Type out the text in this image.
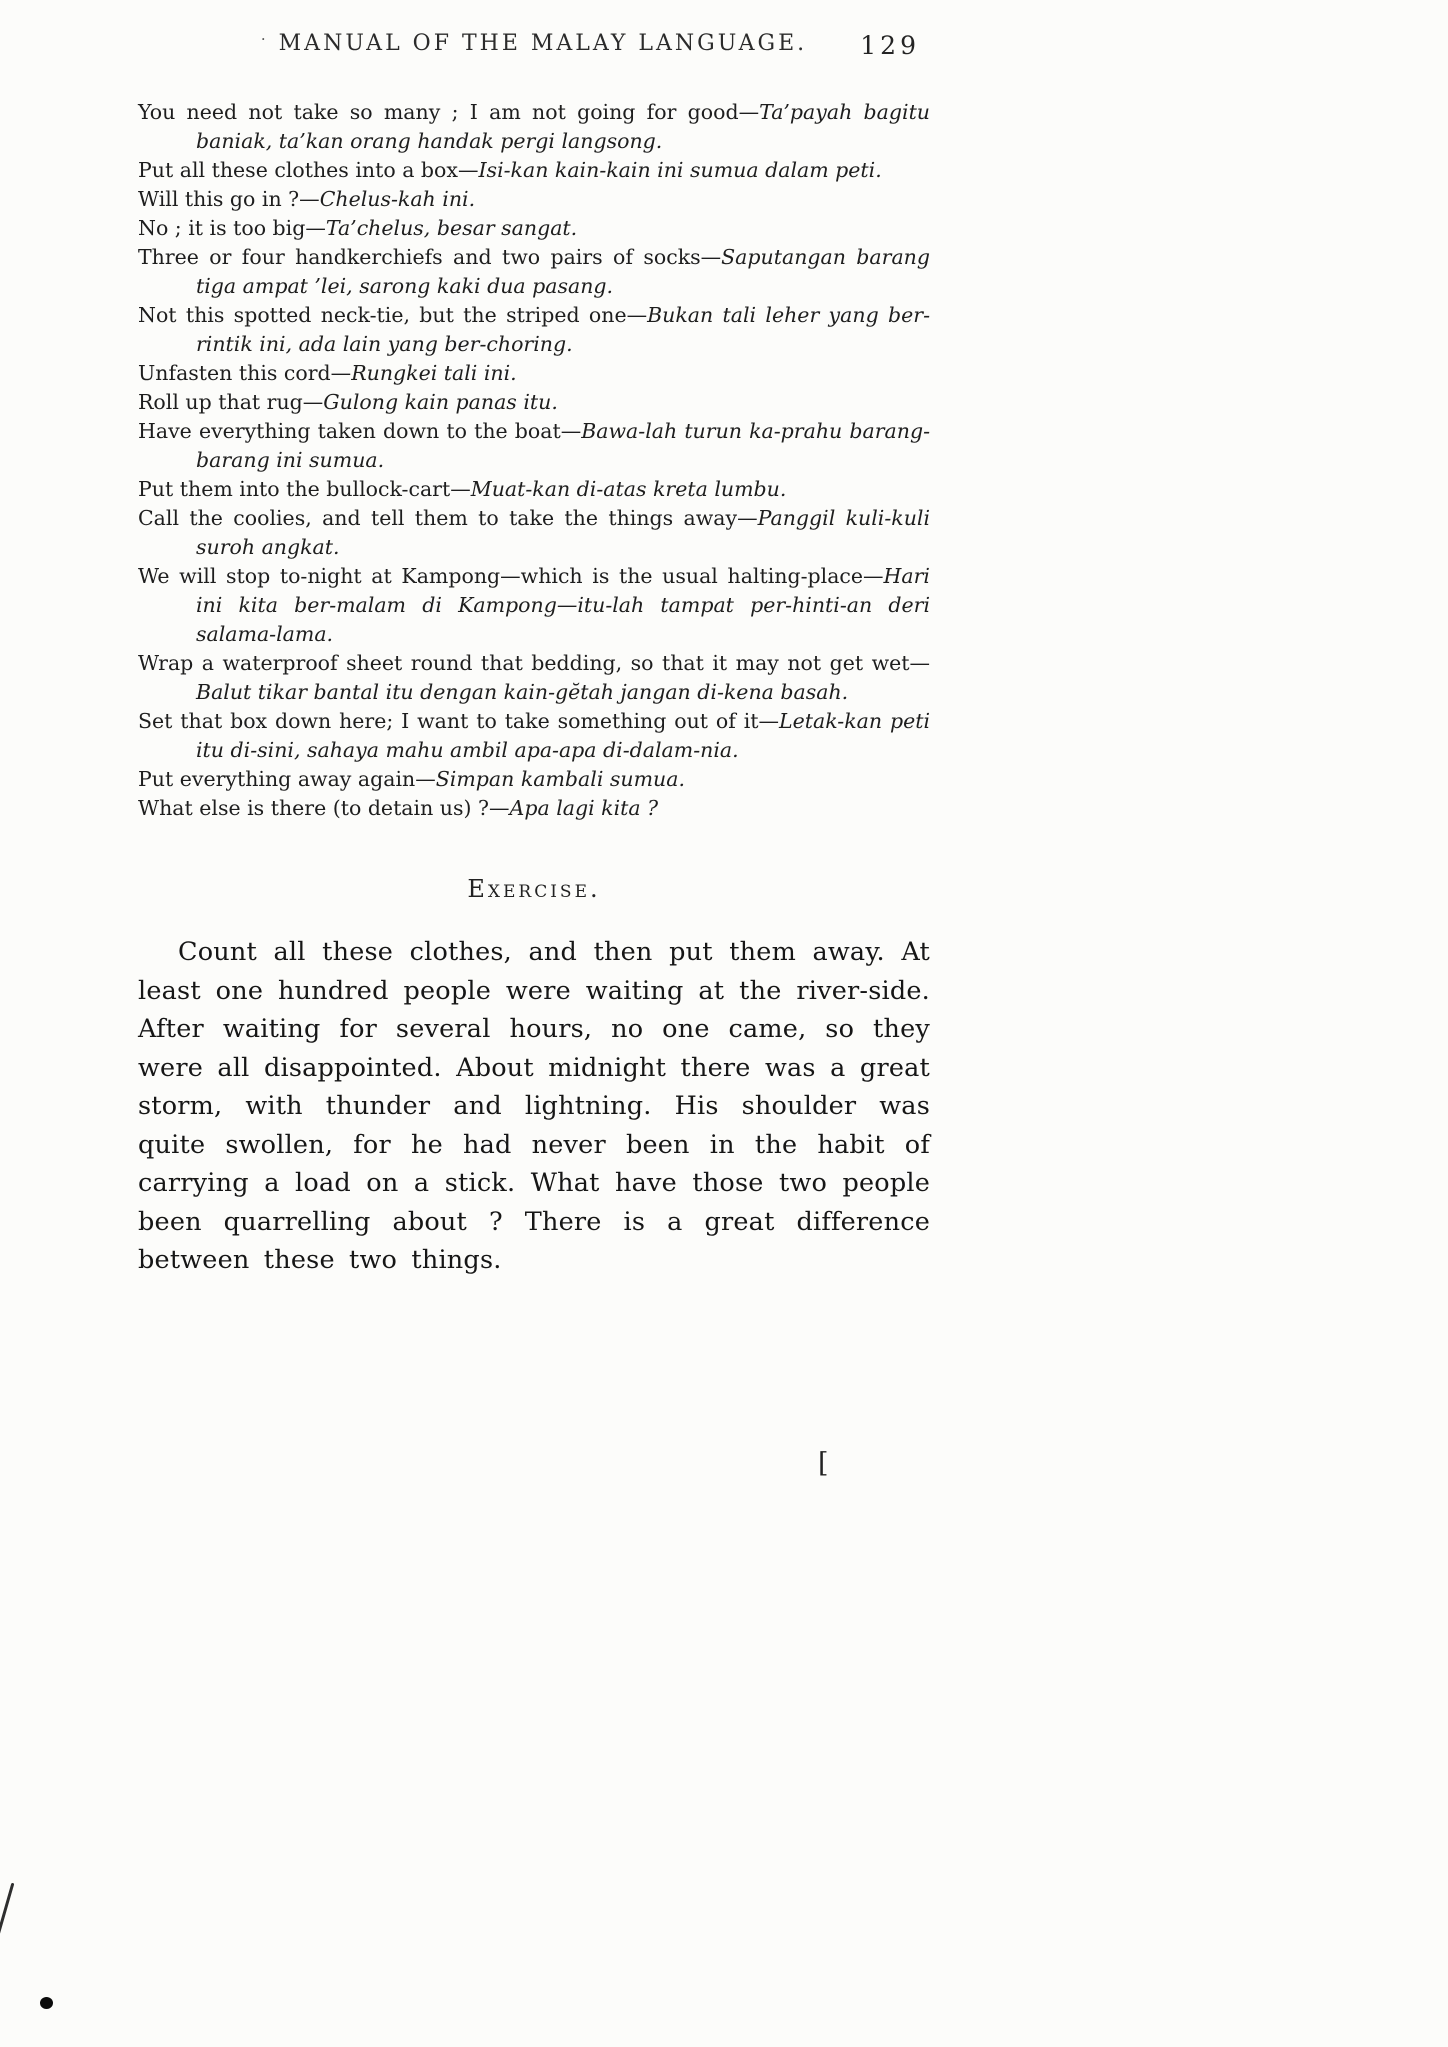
· MANUAL OF THE MALAY LANGUAGE. 129

You need not take so many ; I am not going for good—Ta’payah bagitu baniak, ta’kan orang handak pergi langsong.

Put all these clothes into a box—Isi-kan kain-kain ini sumua dalam peti.

Will this go in ?—Chelus-kah ini.

No ; it is too big—Ta’chelus, besar sangat.

Three or four handkerchiefs and two pairs of socks—Saputangan barang tiga ampat ’lei, sarong kaki dua pasang.

Not this spotted neck-tie, but the striped one—Bukan tali leher yang ber-rintik ini, ada lain yang ber-choring.

Unfasten this cord—Rungkei tali ini.

Roll up that rug—Gulong kain panas itu.

Have everything taken down to the boat—Bawa-lah turun ka-prahu barang-barang ini sumua.

Put them into the bullock-cart—Muat-kan di-atas kreta lumbu.

Call the coolies, and tell them to take the things away—Panggil kuli-kuli suroh angkat.

We will stop to-night at Kampong—which is the usual halting-place—Hari ini kita ber-malam di Kampong—itu-lah tampat per-hinti-an deri salama-lama.

Wrap a waterproof sheet round that bedding, so that it may not get wet—Balut tikar bantal itu dengan kain-gĕtah jangan di-kena basah.

Set that box down here; I want to take something out of it—Letak-kan peti itu di-sini, sahaya mahu ambil apa-apa di-dalam-nia.

Put everything away again—Simpan kambali sumua.

What else is there (to detain us) ?—Apa lagi kita ?

Exercise.

Count all these clothes, and then put them away. At least one hundred people were waiting at the river-side. After waiting for several hours, no one came, so they were all disappointed. About midnight there was a great storm, with thunder and lightning. His shoulder was quite swollen, for he had never been in the habit of carrying a load on a stick. What have those two people been quarrelling about ? There is a great difference between these two things.

[
